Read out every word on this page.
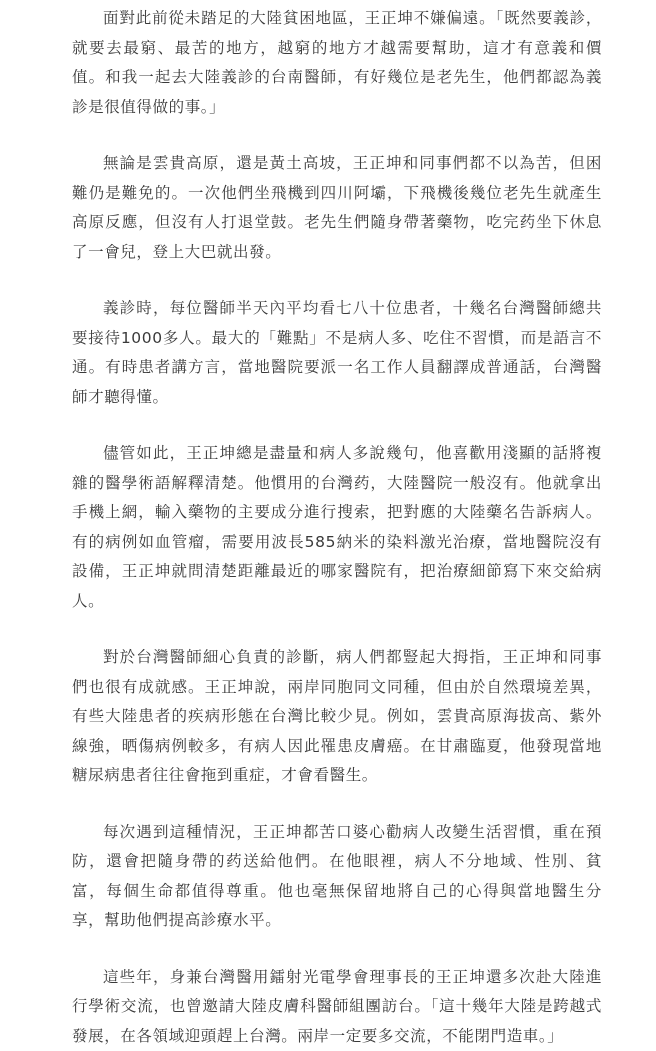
面對此前從未踏足的大陸貧困地區，王正坤不嫌偏遠。「既然要義診，就要去最窮、最苦的地方，越窮的地方才越需要幫助，這才有意義和價值。和我一起去大陸義診的台南醫師，有好幾位是老先生，他們都認為義診是很值得做的事。」

無論是雲貴高原，還是黃土高坡，王正坤和同事們都不以為苦，但困難仍是難免的。一次他們坐飛機到四川阿壩，下飛機後幾位老先生就產生高原反應，但沒有人打退堂鼓。老先生們隨身帶著藥物，吃完药坐下休息了一會兒，登上大巴就出發。

義診時，每位醫師半天內平均看七八十位患者，十幾名台灣醫師總共要接待1000多人。最大的「難點」不是病人多、吃住不習慣，而是語言不通。有時患者講方言，當地醫院要派一名工作人員翻譯成普通話，台灣醫師才聽得懂。

儘管如此，王正坤總是盡量和病人多說幾句，他喜歡用淺顯的話將複雜的醫學術語解釋清楚。他慣用的台灣药，大陸醫院一般沒有。他就拿出手機上網，輸入藥物的主要成分進行搜索，把對應的大陸藥名告訴病人。有的病例如血管瘤，需要用波長585納米的染料激光治療，當地醫院沒有設備，王正坤就問清楚距離最近的哪家醫院有，把治療細節寫下來交給病人。

對於台灣醫師細心負責的診斷，病人們都豎起大拇指，王正坤和同事們也很有成就感。王正坤說，兩岸同胞同文同種，但由於自然環境差異，有些大陸患者的疾病形態在台灣比較少見。例如，雲貴高原海拔高、紫外線強，晒傷病例較多，有病人因此罹患皮膚癌。在甘肅臨夏，他發現當地糖尿病患者往往會拖到重症，才會看醫生。

每次遇到這種情況，王正坤都苦口婆心勸病人改變生活習慣，重在預防，還會把隨身帶的药送給他們。在他眼裡，病人不分地域、性別、貧富，每個生命都值得尊重。他也毫無保留地將自己的心得與當地醫生分享，幫助他們提高診療水平。

這些年，身兼台灣醫用鐳射光電學會理事長的王正坤還多次赴大陸進行學術交流，也曾邀請大陸皮膚科醫師組團訪台。「這十幾年大陸是跨越式發展，在各領域迎頭趕上台灣。兩岸一定要多交流，不能閉門造車。」
